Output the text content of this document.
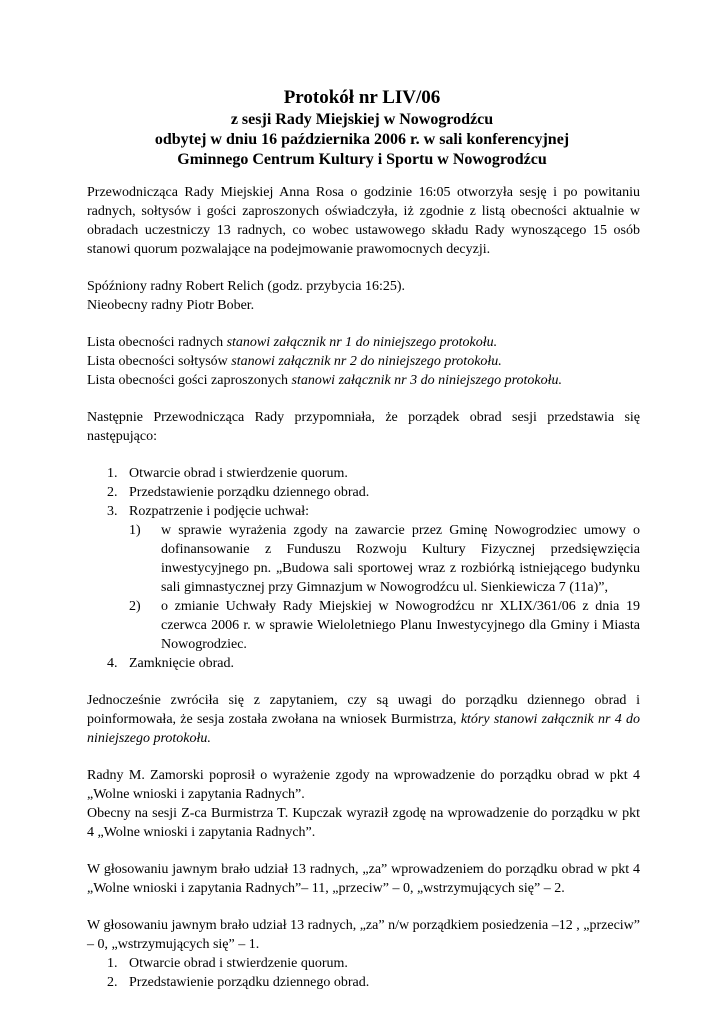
Protokół nr LIV/06
z sesji Rady Miejskiej w Nowogrodźcu
odbytej w dniu 16 października 2006 r. w sali konferencyjnej
Gminnego Centrum Kultury i Sportu w Nowogrodźcu

Przewodnicząca Rady Miejskiej Anna Rosa o godzinie 16:05 otworzyła sesję i po powitaniu radnych, sołtysów i gości zaproszonych oświadczyła, iż zgodnie z listą obecności aktualnie w obradach uczestniczy 13 radnych, co wobec ustawowego składu Rady wynoszącego 15 osób stanowi quorum pozwalające na podejmowanie prawomocnych decyzji.

Spóźniony radny Robert Relich (godz. przybycia 16:25).

Nieobecny radny Piotr Bober.

Lista obecności radnych stanowi załącznik nr 1 do niniejszego protokołu.
Lista obecności sołtysów stanowi załącznik nr 2 do niniejszego protokołu.
Lista obecności gości zaproszonych stanowi załącznik nr 3 do niniejszego protokołu.

Następnie Przewodnicząca Rady przypomniała, że porządek obrad sesji przedstawia się następująco:

1. Otwarcie obrad i stwierdzenie quorum.
2. Przedstawienie porządku dziennego obrad.
3. Rozpatrzenie i podjęcie uchwał:
1) w sprawie wyrażenia zgody na zawarcie przez Gminę Nowogrodziec umowy o dofinansowanie z Funduszu Rozwoju Kultury Fizycznej przedsięwzięcia inwestycyjnego pn. „Budowa sali sportowej wraz z rozbiórką istniejącego budynku sali gimnastycznej przy Gimnazjum w Nowogrodźcu ul. Sienkiewicza 7 (11a)”,
2) o zmianie Uchwały Rady Miejskiej w Nowogrodźcu nr XLIX/361/06 z dnia 19 czerwca 2006 r. w sprawie Wieloletniego Planu Inwestycyjnego dla Gminy i Miasta Nowogrodziec.
4. Zamknięcie obrad.

Jednocześnie zwróciła się z zapytaniem, czy są uwagi do porządku dziennego obrad i poinformowała, że sesja została zwołana na wniosek Burmistrza, który stanowi załącznik nr 4 do niniejszego protokołu.

Radny M. Zamorski poprosił o wyrażenie zgody na wprowadzenie do porządku obrad w pkt 4 „Wolne wnioski i zapytania Radnych”.

Obecny na sesji Z-ca Burmistrza T. Kupczak wyraził zgodę na wprowadzenie do porządku w pkt 4 „Wolne wnioski i zapytania Radnych”.

W głosowaniu jawnym brało udział 13 radnych, „za” wprowadzeniem do porządku obrad w pkt 4 „Wolne wnioski i zapytania Radnych”– 11, „przeciw” – 0, „wstrzymujących się” – 2.

W głosowaniu jawnym brało udział 13 radnych, „za” n/w porządkiem posiedzenia –12 , „przeciw” – 0, „wstrzymujących się” – 1.

1. Otwarcie obrad i stwierdzenie quorum.
2. Przedstawienie porządku dziennego obrad.
